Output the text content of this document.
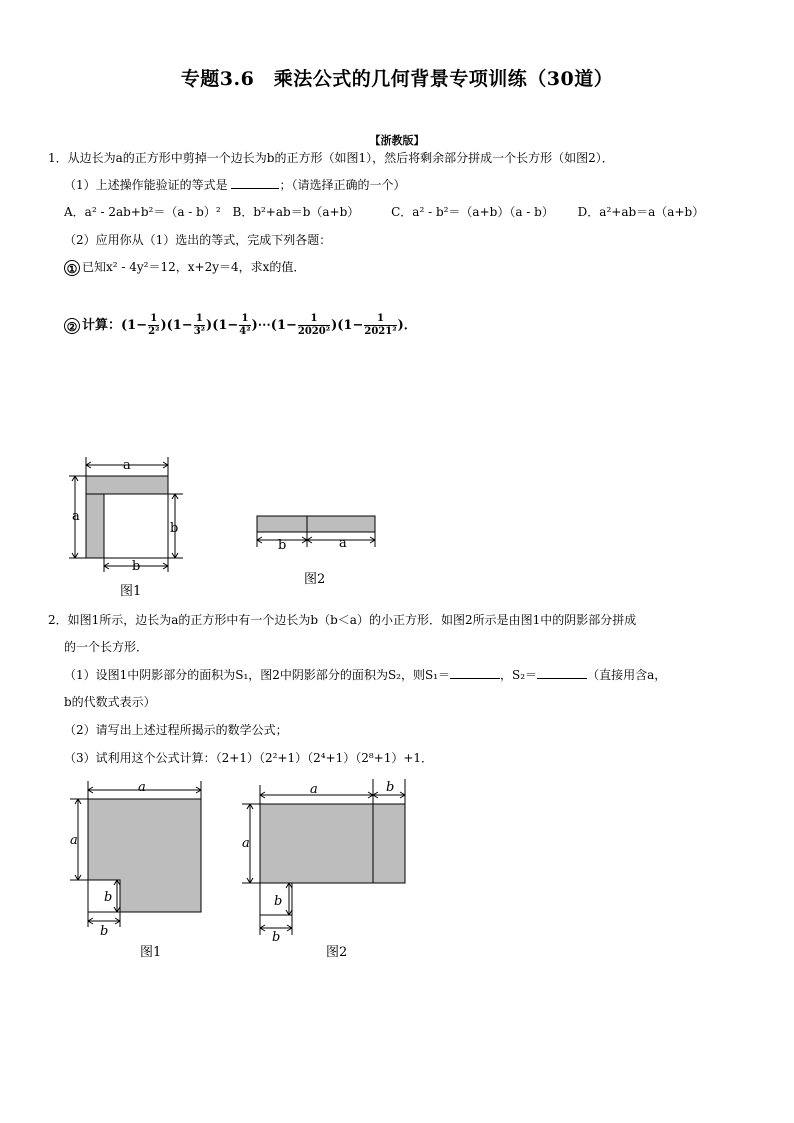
专题3.6　乘法公式的几何背景专项训练（30道）
【浙教版】
1．从边长为a的正方形中剪掉一个边长为b的正方形（如图1），然后将剩余部分拼成一个长方形（如图2）．
（1）上述操作能验证的等式是	；（请选择正确的一个）
A．a² - 2ab+b²＝（a - b）² B．b²+ab＝b（a+b）	C．a² - b²＝（a+b）（a - b） D．a²+ab＝a（a+b）
（2）应用你从（1）选出的等式，完成下列各题：
① 已知x² - 4y²＝12，x+2y＝4，求x的值．
② 计算：$(1- \frac{1}{\text{2²}} )(1- \frac{1}{\text{3²}} )(1- \frac{1}{\text{4²}}$ )⋯(1− $\frac{1}{\text{2020²}} )(1- \frac{1}{\text{2021²}}$ )．
a
a
b
b
图1
b	a
图2
2．如图1所示，边长为a的正方形中有一个边长为b（b＜a）的小正方形．如图2所示是由图1中的阴影部分拼成
的一个长方形．
（1）设图1中阴影部分的面积为S₁，图2中阴影部分的面积为S₂，则S₁＝	，S₂＝	（直接用含a，
b的代数式表示）
（2）请写出上述过程所揭示的数学公式；
（3）试利用这个公式计算：（2+1）（2²+1）（2⁴+1）（2⁸+1）+1．
a
a
b
b
图1
a	b
a
b
b
图2
